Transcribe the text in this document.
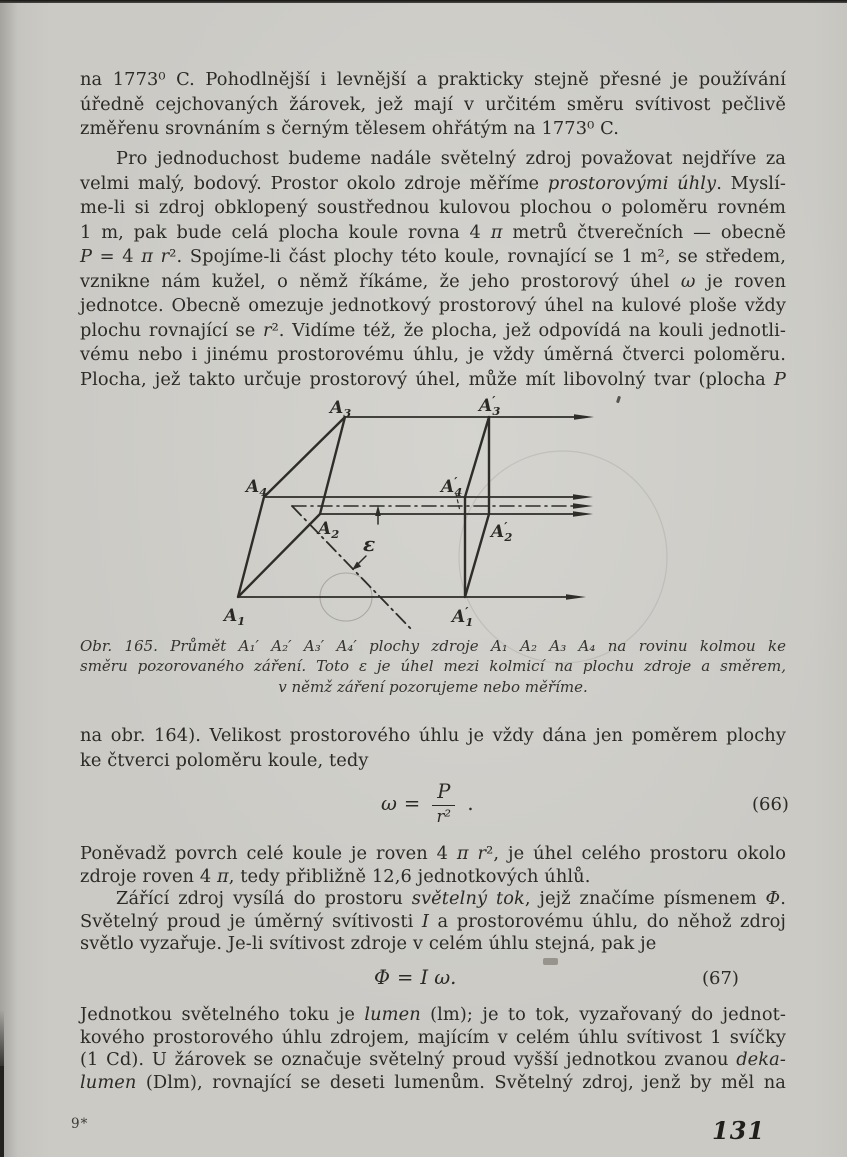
na 1773⁰ C. Pohodlnější i levnější a prakticky stejně přesné je používání
úředně cejchovaných žárovek, jež mají v určitém směru svítivost pečlivě
změřenu srovnáním s černým tělesem ohřátým na 1773⁰ C.
Pro jednoduchost budeme nadále světelný zdroj považovat nejdříve za
velmi malý, bodový. Prostor okolo zdroje měříme prostorovými úhly. Myslí-
me-li si zdroj obklopený soustřednou kulovou plochou o poloměru rovném
1 m, pak bude celá plocha koule rovna 4 π metrů čtverečních — obecně
P = 4 π r². Spojíme-li část plochy této koule, rovnající se 1 m², se středem,
vznikne nám kužel, o němž říkáme, že jeho prostorový úhel ω je roven
jednotce. Obecně omezuje jednotkový prostorový úhel na kulové ploše vždy
plochu rovnající se r². Vidíme též, že plocha, jež odpovídá na kouli jednotli-
vému nebo i jinému prostorovému úhlu, je vždy úměrná čtverci poloměru.
Plocha, jež takto určuje prostorový úhel, může mít libovolný tvar (plocha P
$A_3$
$A_4$
$A_2$
$A_1$
A′ 3
A′ 4
A′ 2
A′ 1
ε
Obr. 165. Průmět A₁′ A₂′ A₃′ A₄′ plochy zdroje A₁ A₂ A₃ A₄ na rovinu kolmou ke
směru pozorovaného záření. Toto ε je úhel mezi kolmicí na plochu zdroje a směrem,
v němž záření pozorujeme nebo měříme.
na obr. 164). Velikost prostorového úhlu je vždy dána jen poměrem plochy
ke čtverci poloměru koule, tedy
$\omega = \frac{P}{\text{r²}}$ .	(66)
Poněvadž povrch celé koule je roven 4 π r², je úhel celého prostoru okolo
zdroje roven 4 π, tedy přibližně 12,6 jednotkových úhlů.
Zářící zdroj vysílá do prostoru světelný tok, jejž značíme písmenem Φ.
Světelný proud je úměrný svítivosti I a prostorovému úhlu, do něhož zdroj
světlo vyzařuje. Je-li svítivost zdroje v celém úhlu stejná, pak je
Φ = I ω.	(67)
Jednotkou světelného toku je lumen (lm); je to tok, vyzařovaný do jednot-
kového prostorového úhlu zdrojem, majícím v celém úhlu svítivost 1 svíčky
(1 Cd). U žárovek se označuje světelný proud vyšší jednotkou zvanou deka-
lumen (Dlm), rovnající se deseti lumenům. Světelný zdroj, jenž by měl na
9*	131
